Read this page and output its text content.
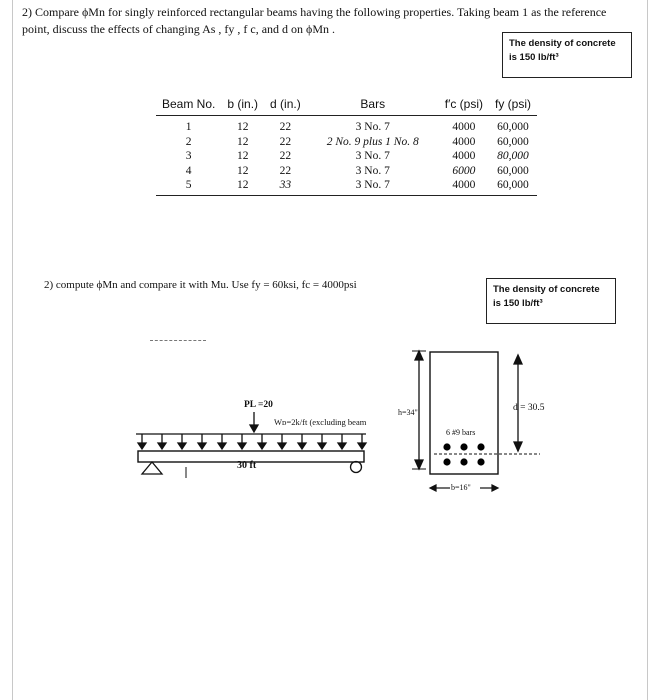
2) Compare ϕMn for singly reinforced rectangular beams having the following properties. Taking beam 1 as the reference point, discuss the effects of changing As , fy , f c, and d on ϕMn .
The density of concrete
is 150 lb/ft³
Beam No.	b (in.)	d (in.)	Bars	f′c (psi)	fy (psi)
1	12	22	3 No. 7	4000	60,000
2	12	22	2 No. 9 plus 1 No. 8	4000	60,000
3	12	22	3 No. 7	4000	80,000
4	12	22	3 No. 7	6000	60,000
5	12	33	3 No. 7	4000	60,000
2) compute ϕMn and compare it with Mu. Use fy = 60ksi, fc = 4000psi	The density of concrete
is 150 lb/ft³
PL =20
Wᴅ=2k/ft (excluding beam
30 ft
h=34"
6 #9 bars
d = 30.5
b=16"
